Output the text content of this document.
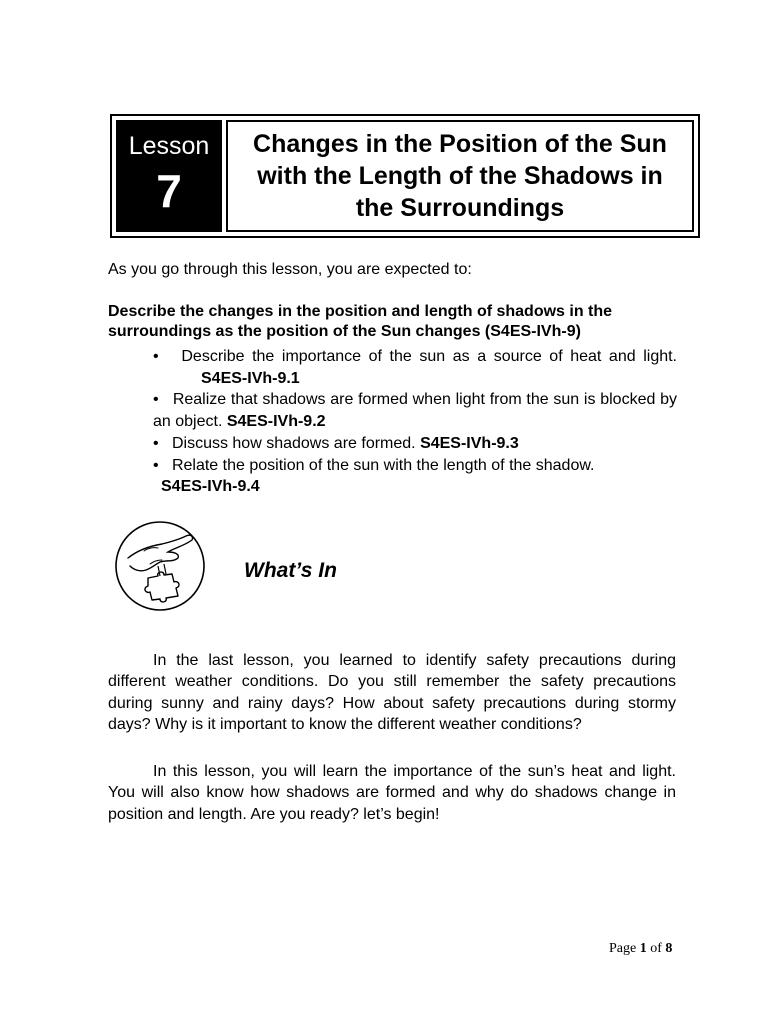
Lesson
7
Changes in the Position of the Sun with the Length of the Shadows in the Surroundings
As you go through this lesson, you are expected to:
Describe the changes in the position and length of shadows in the surroundings as the position of the Sun changes (S4ES-IVh-9)
• Describe the importance of the sun as a source of heat and light. S4ES-IVh-9.1
• Realize that shadows are formed when light from the sun is blocked by an object. S4ES-IVh-9.2
• Discuss how shadows are formed. S4ES-IVh-9.3
• Relate the position of the sun with the length of the shadow.
S4ES-IVh-9.4
What’s In

In the last lesson, you learned to identify safety precautions during different weather conditions. Do you still remember the safety precautions during sunny and rainy days? How about safety precautions during stormy days? Why is it important to know the different weather conditions?

In this lesson, you will learn the importance of the sun’s heat and light. You will also know how shadows are formed and why do shadows change in position and length. Are you ready? let’s begin!

Page 1 of 8
